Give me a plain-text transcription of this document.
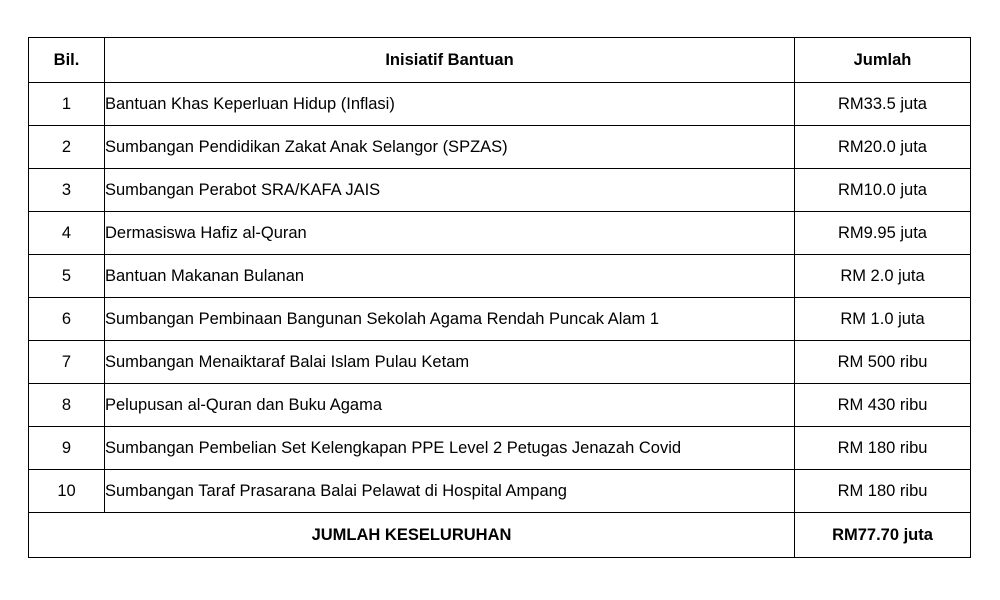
Bil.	Inisiatif Bantuan	Jumlah
1	Bantuan Khas Keperluan Hidup (Inflasi)	RM33.5 juta
2	Sumbangan Pendidikan Zakat Anak Selangor (SPZAS)	RM20.0 juta
3	Sumbangan Perabot SRA/KAFA JAIS	RM10.0 juta
4	Dermasiswa Hafiz al-Quran	RM9.95 juta
5	Bantuan Makanan Bulanan	RM 2.0 juta
6	Sumbangan Pembinaan Bangunan Sekolah Agama Rendah Puncak Alam 1	RM 1.0 juta
7	Sumbangan Menaiktaraf Balai Islam Pulau Ketam	RM 500 ribu
8	Pelupusan al-Quran dan Buku Agama	RM 430 ribu
9	Sumbangan Pembelian Set Kelengkapan PPE Level 2 Petugas Jenazah Covid	RM 180 ribu
10	Sumbangan Taraf Prasarana Balai Pelawat di Hospital Ampang	RM 180 ribu
JUMLAH KESELURUHAN		RM77.70 juta
